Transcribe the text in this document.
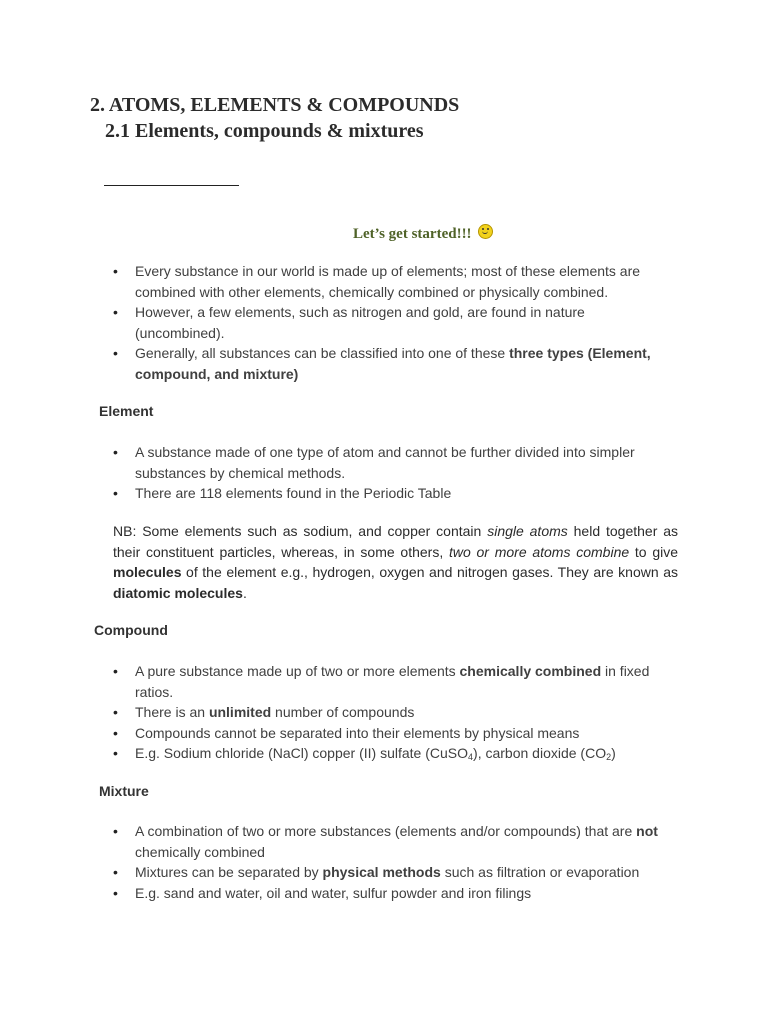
2. ATOMS, ELEMENTS & COMPOUNDS
2.1 Elements, compounds & mixtures
Let’s get started!!!
• Every substance in our world is made up of elements; most of these elements are combined with other elements, chemically combined or physically combined.
• However, a few elements, such as nitrogen and gold, are found in nature (uncombined).
• Generally, all substances can be classified into one of these three types (Element, compound, and mixture)
Element
• A substance made of one type of atom and cannot be further divided into simpler substances by chemical methods.
• There are 118 elements found in the Periodic Table

NB: Some elements such as sodium, and copper contain single atoms held together as their constituent particles, whereas, in some others, two or more atoms combine to give molecules of the element e.g., hydrogen, oxygen and nitrogen gases. They are known as diatomic molecules.

Compound
• A pure substance made up of two or more elements chemically combined in fixed ratios.
• There is an unlimited number of compounds
• Compounds cannot be separated into their elements by physical means
• E.g. Sodium chloride (NaCl) copper (II) sulfate (CuSO$_4$), carbon dioxide $(CO_2)$
Mixture
• A combination of two or more substances (elements and/or compounds) that are not chemically combined
• Mixtures can be separated by physical methods such as filtration or evaporation
• E.g. sand and water, oil and water, sulfur powder and iron filings
